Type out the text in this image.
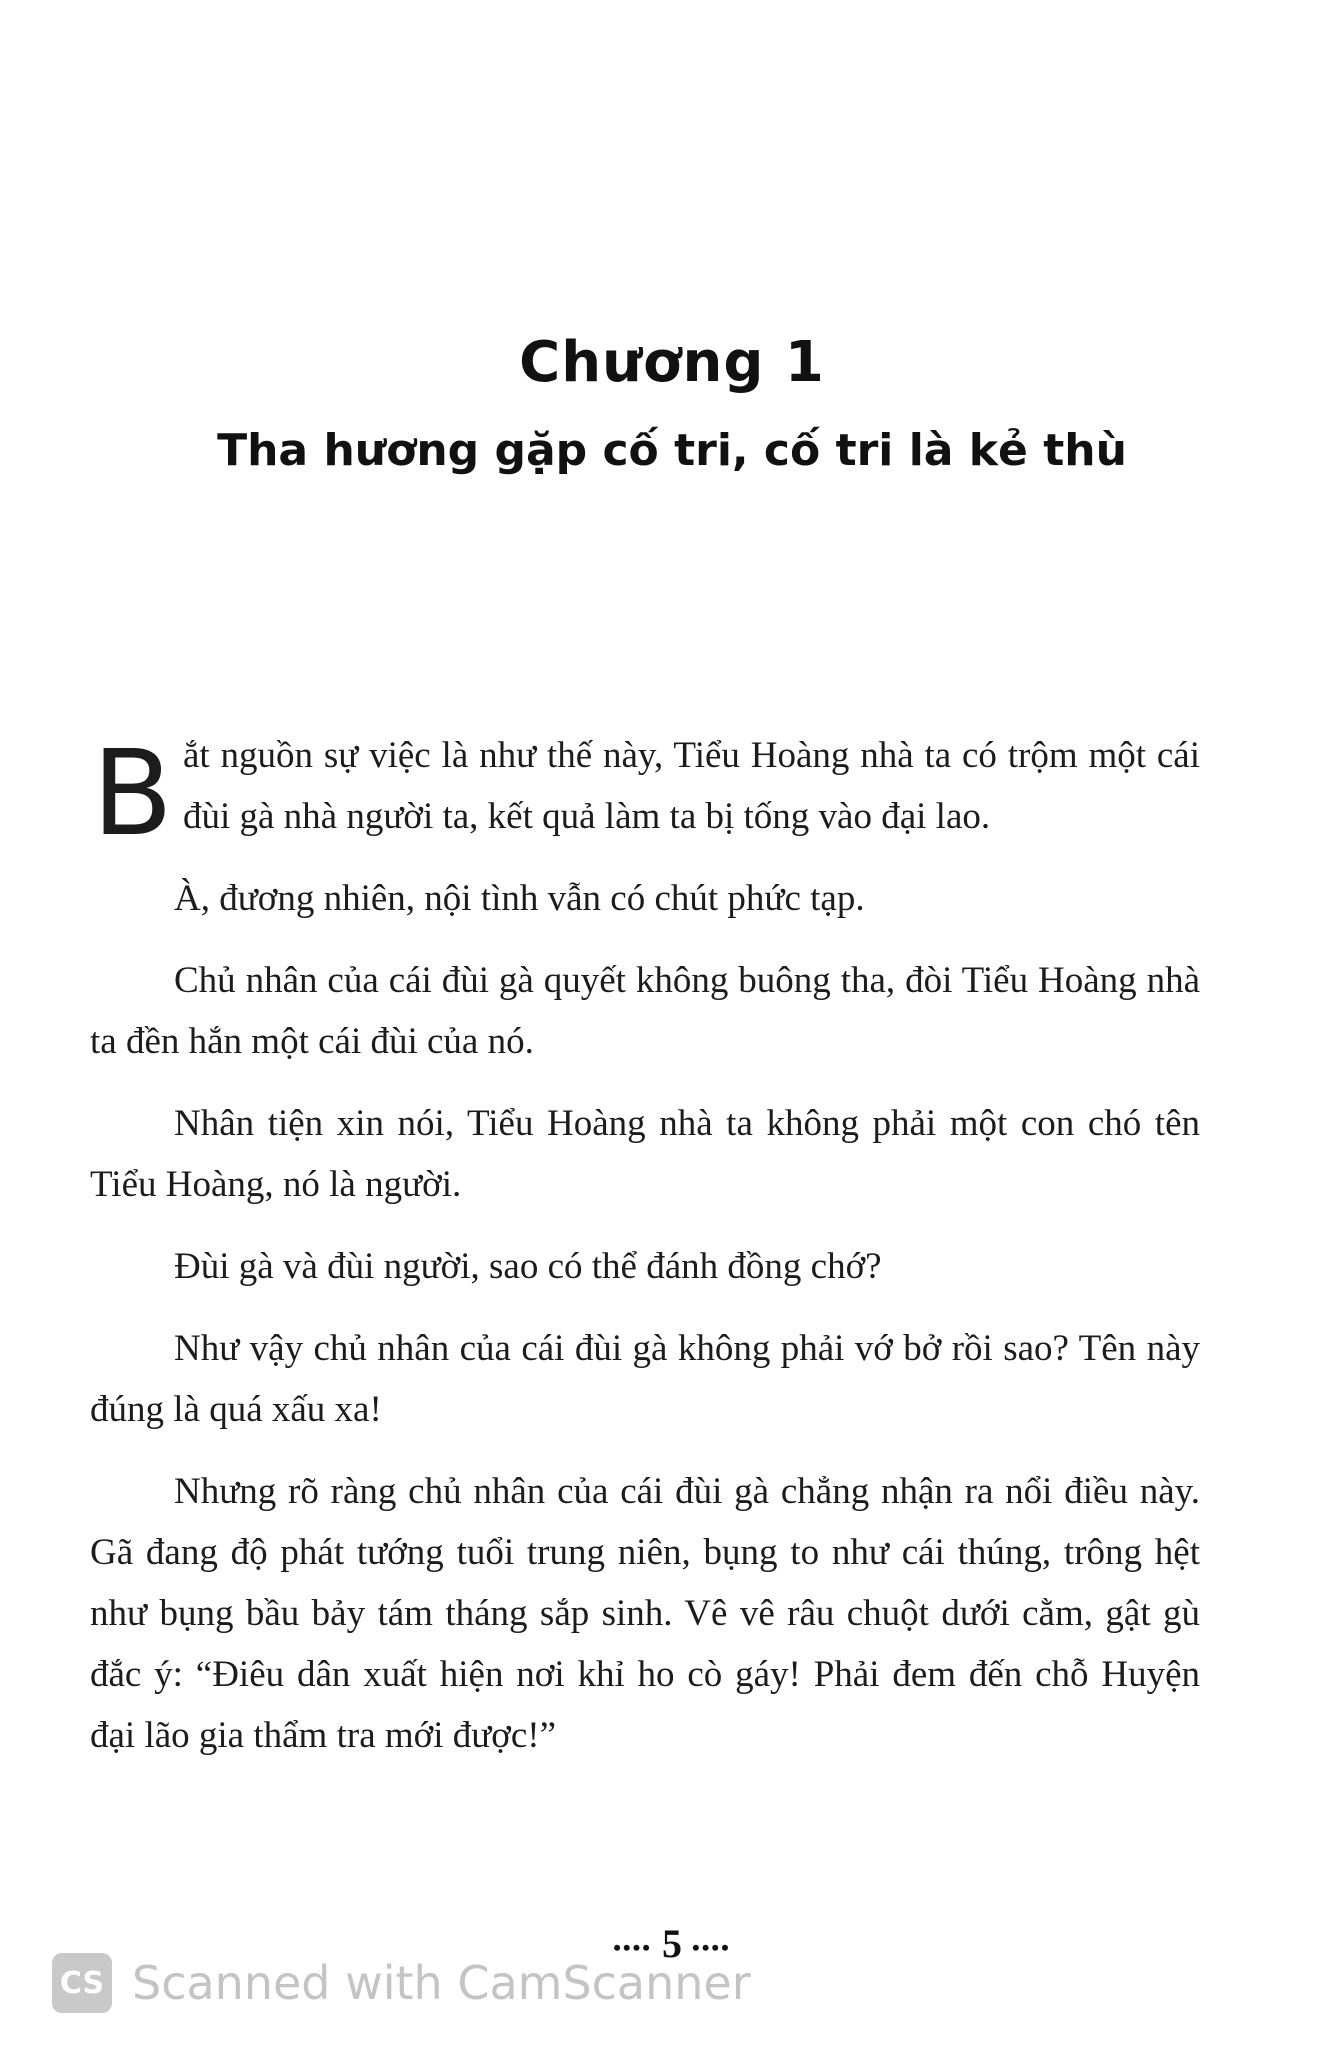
Chương 1
Tha hương gặp cố tri, cố tri là kẻ thù

Bắt nguồn sự việc là như thế này, Tiểu Hoàng nhà ta có trộm một cái đùi gà nhà người ta, kết quả làm ta bị tống vào đại lao.

À, đương nhiên, nội tình vẫn có chút phức tạp.

Chủ nhân của cái đùi gà quyết không buông tha, đòi Tiểu Hoàng nhà ta đền hắn một cái đùi của nó.

Nhân tiện xin nói, Tiểu Hoàng nhà ta không phải một con chó tên Tiểu Hoàng, nó là người.

Đùi gà và đùi người, sao có thể đánh đồng chớ?

Như vậy chủ nhân của cái đùi gà không phải vớ bở rồi sao? Tên này đúng là quá xấu xa!

Nhưng rõ ràng chủ nhân của cái đùi gà chẳng nhận ra nổi điều này. Gã đang độ phát tướng tuổi trung niên, bụng to như cái thúng, trông hệt như bụng bầu bảy tám tháng sắp sinh. Vê vê râu chuột dưới cằm, gật gù đắc ý: “Điêu dân xuất hiện nơi khỉ ho cò gáy! Phải đem đến chỗ Huyện đại lão gia thẩm tra mới được!”

•••• 5 ••••
CS Scanned with CamScanner
